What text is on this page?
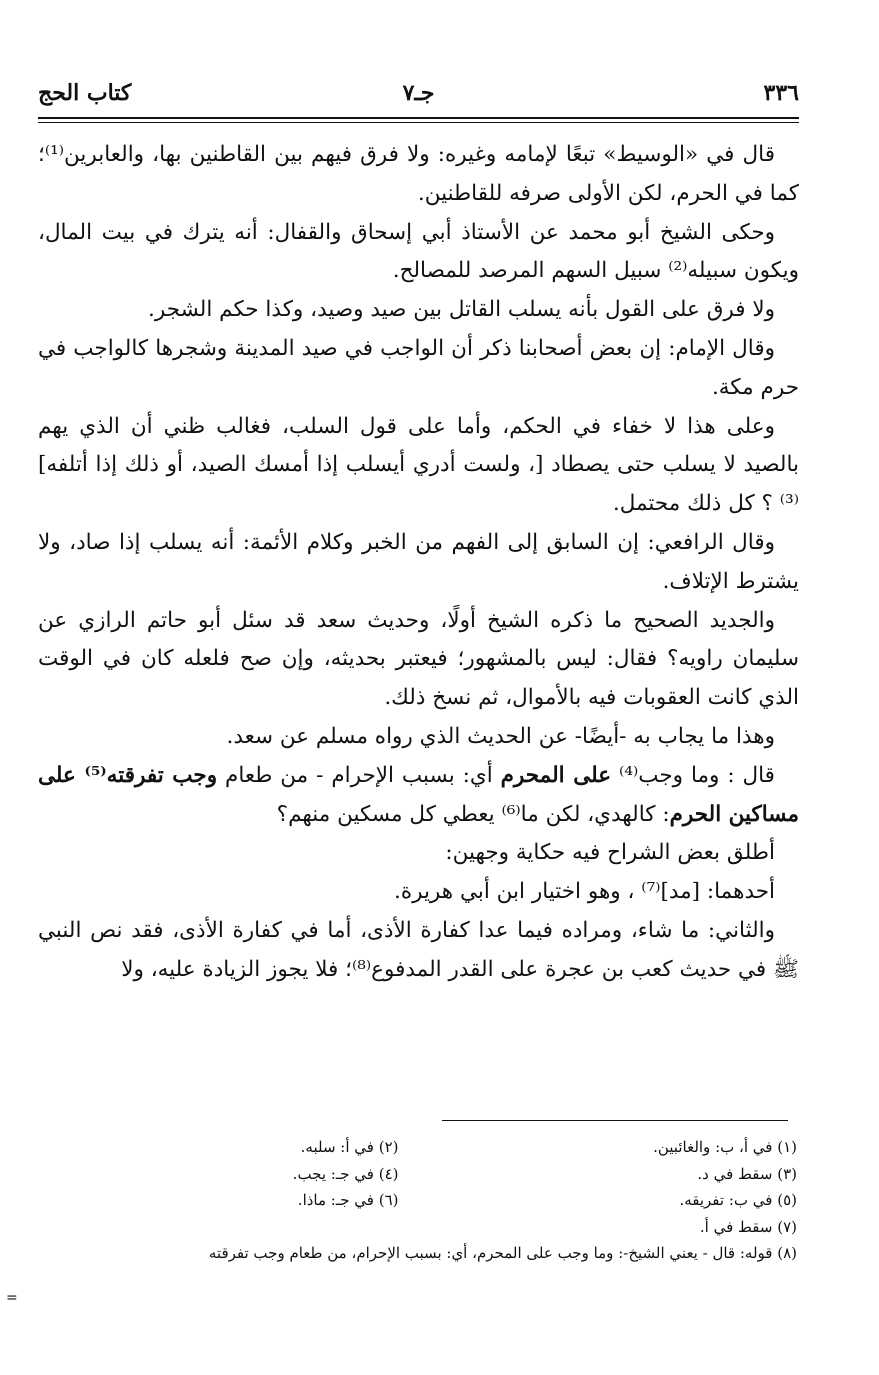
٣٣٦
جـ٧
كتاب الحج

قال في «الوسيط» تبعًا لإمامه وغيره: ولا فرق فيهم بين القاطنين بها، والعابرين⁽¹⁾؛ كما في الحرم، لكن الأولى صرفه للقاطنين.

وحكى الشيخ أبو محمد عن الأستاذ أبي إسحاق والقفال: أنه يترك في بيت المال، ويكون سبيله⁽²⁾ سبيل السهم المرصد للمصالح.

ولا فرق على القول بأنه يسلب القاتل بين صيد وصيد، وكذا حكم الشجر.

وقال الإمام: إن بعض أصحابنا ذكر أن الواجب في صيد المدينة وشجرها كالواجب في حرم مكة.

وعلى هذا لا خفاء في الحكم، وأما على قول السلب، فغالب ظني أن الذي يهم بالصيد لا يسلب حتى يصطاد [، ولست أدري أيسلب إذا أمسك الصيد، أو ذلك إذا أتلفه]⁽³⁾ ؟ كل ذلك محتمل.

وقال الرافعي: إن السابق إلى الفهم من الخبر وكلام الأئمة: أنه يسلب إذا صاد، ولا يشترط الإتلاف.

والجديد الصحيح ما ذكره الشيخ أولًا، وحديث سعد قد سئل أبو حاتم الرازي عن سليمان راويه؟ فقال: ليس بالمشهور؛ فيعتبر بحديثه، وإن صح فلعله كان في الوقت الذي كانت العقوبات فيه بالأموال، ثم نسخ ذلك.

وهذا ما يجاب به -أيضًا- عن الحديث الذي رواه مسلم عن سعد.

قال : وما وجب⁽⁴⁾ على المحرم أي: بسبب الإحرام - من طعام وجب تفرقته⁽⁵⁾ على مساكين الحرم: كالهدي، لكن ما⁽⁶⁾ يعطي كل مسكين منهم؟

أطلق بعض الشراح فيه حكاية وجهين:

أحدهما: [مد]⁽⁷⁾ ، وهو اختيار ابن أبي هريرة.

والثاني: ما شاء، ومراده فيما عدا كفارة الأذى، أما في كفارة الأذى، فقد نص النبي ﷺ في حديث كعب بن عجرة على القدر المدفوع⁽⁸⁾؛ فلا يجوز الزيادة عليه، ولا

(١) في أ، ب: والغائبين.
(٢) في أ: سلبه.
(٣) سقط في د.
(٤) في جـ: يجب.
(٥) في ب: تفريقه.
(٦) في جـ: ماذا.
(٧) سقط في أ.
(٨) قوله: قال - يعني الشيخ-: وما وجب على المحرم، أي: بسبب الإحرام، من طعام وجب تفرقته
=
